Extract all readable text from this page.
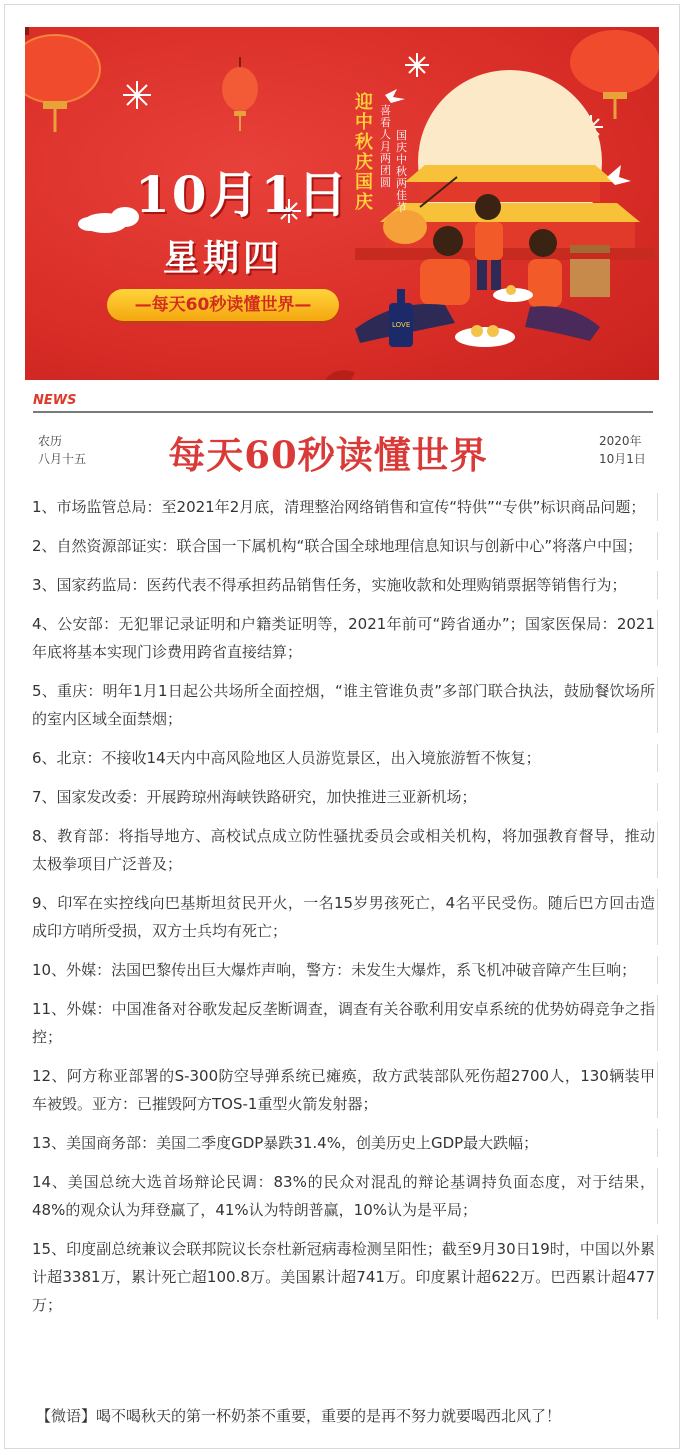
LOVE
10月1日
星期四
—每天60秒读懂世界—
迎中秋庆国庆
喜看人月两团圆
国庆中秋两佳节
NEWS
农历
八月十五 每天60秒读懂世界	2020年
10月1日
1、市场监管总局：至2021年2月底，清理整治网络销售和宣传“特供”“专供”标识商品问题；
2、自然资源部证实：联合国一下属机构“联合国全球地理信息知识与创新中心”将落户中国；
3、国家药监局：医药代表不得承担药品销售任务，实施收款和处理购销票据等销售行为；
4、公安部：无犯罪记录证明和户籍类证明等，2021年前可“跨省通办”；国家医保局：2021年底将基本实现门诊费用跨省直接结算；
5、重庆：明年1月1日起公共场所全面控烟，“谁主管谁负责”多部门联合执法，鼓励餐饮场所的室内区域全面禁烟；
6、北京：不接收14天内中高风险地区人员游览景区，出入境旅游暂不恢复；
7、国家发改委：开展跨琼州海峡铁路研究，加快推进三亚新机场；
8、教育部：将指导地方、高校试点成立防性骚扰委员会或相关机构，将加强教育督导，推动太极拳项目广泛普及；
9、印军在实控线向巴基斯坦贫民开火，一名15岁男孩死亡，4名平民受伤。随后巴方回击造成印方哨所受损，双方士兵均有死亡；
10、外媒：法国巴黎传出巨大爆炸声响，警方：未发生大爆炸，系飞机冲破音障产生巨响；
11、外媒：中国准备对谷歌发起反垄断调查，调查有关谷歌利用安卓系统的优势妨碍竞争之指控；
12、阿方称亚部署的S-300防空导弹系统已瘫痪，敌方武装部队死伤超2700人，130辆装甲车被毁。亚方：已摧毁阿方TOS-1重型火箭发射器；
13、美国商务部：美国二季度GDP暴跌31.4%，创美历史上GDP最大跌幅；
14、美国总统大选首场辩论民调：83%的民众对混乱的辩论基调持负面态度，对于结果，48%的观众认为拜登赢了，41%认为特朗普赢，10%认为是平局；
15、印度副总统兼议会联邦院议长奈杜新冠病毒检测呈阳性；截至9月30日19时，中国以外累计超3381万，累计死亡超100.8万。美国累计超741万。印度累计超622万。巴西累计超477万；
【微语】喝不喝秋天的第一杯奶茶不重要，重要的是再不努力就要喝西北风了！
